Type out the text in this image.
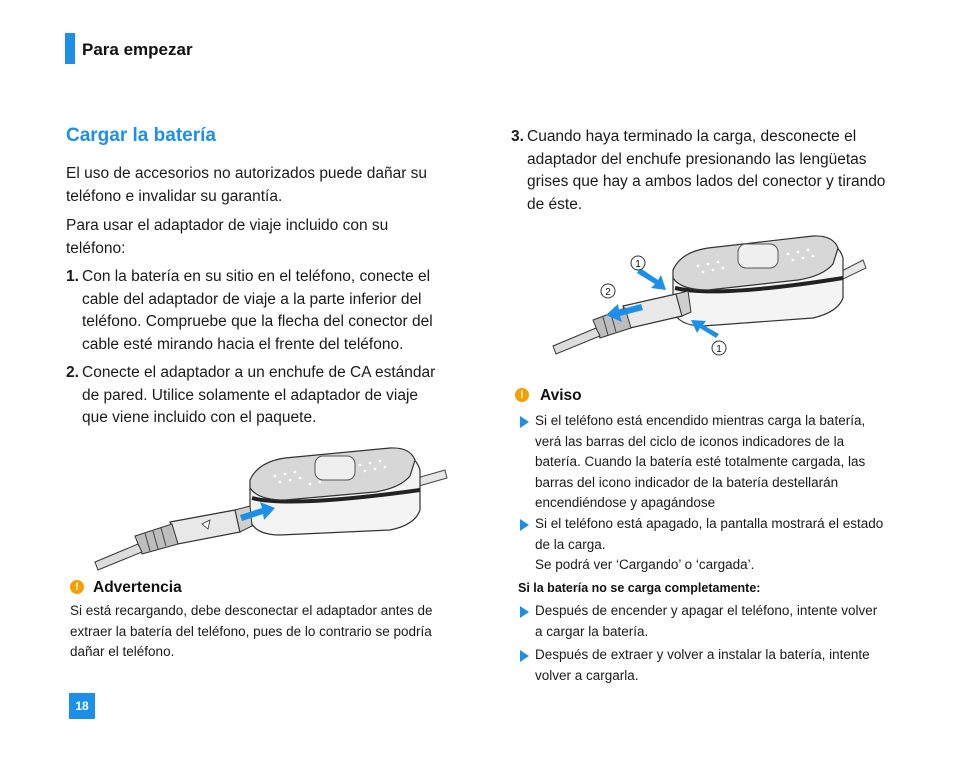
Para empezar
Cargar la batería
El uso de accesorios no autorizados puede dañar su
teléfono e invalidar su garantía.
Para usar el adaptador de viaje incluido con su
teléfono:
1. Con la batería en su sitio en el teléfono, conecte el
cable del adaptador de viaje a la parte inferior del
teléfono. Compruebe que la flecha del conector del
cable esté mirando hacia el frente del teléfono.
2. Conecte el adaptador a un enchufe de CA estándar
de pared. Utilice solamente el adaptador de viaje
que viene incluido con el paquete.
! Advertencia
Si está recargando, debe desconectar el adaptador antes de
extraer la batería del teléfono, pues de lo contrario se podría
dañar el teléfono.
3. Cuando haya terminado la carga, desconecte el
adaptador del enchufe presionando las lengüetas
grises que hay a ambos lados del conector y tirando
de éste.
1
2
1
!	Aviso
Si el teléfono está encendido mientras carga la batería,
verá las barras del ciclo de iconos indicadores de la
batería. Cuando la batería esté totalmente cargada, las
barras del icono indicador de la batería destellarán
encendiéndose y apagándose
Si el teléfono está apagado, la pantalla mostrará el estado
de la carga.
Se podrá ver ‘Cargando’ o ‘cargada’.
Si la batería no se carga completamente:
Después de encender y apagar el teléfono, intente volver
a cargar la batería.
Después de extraer y volver a instalar la batería, intente
volver a cargarla.
18
